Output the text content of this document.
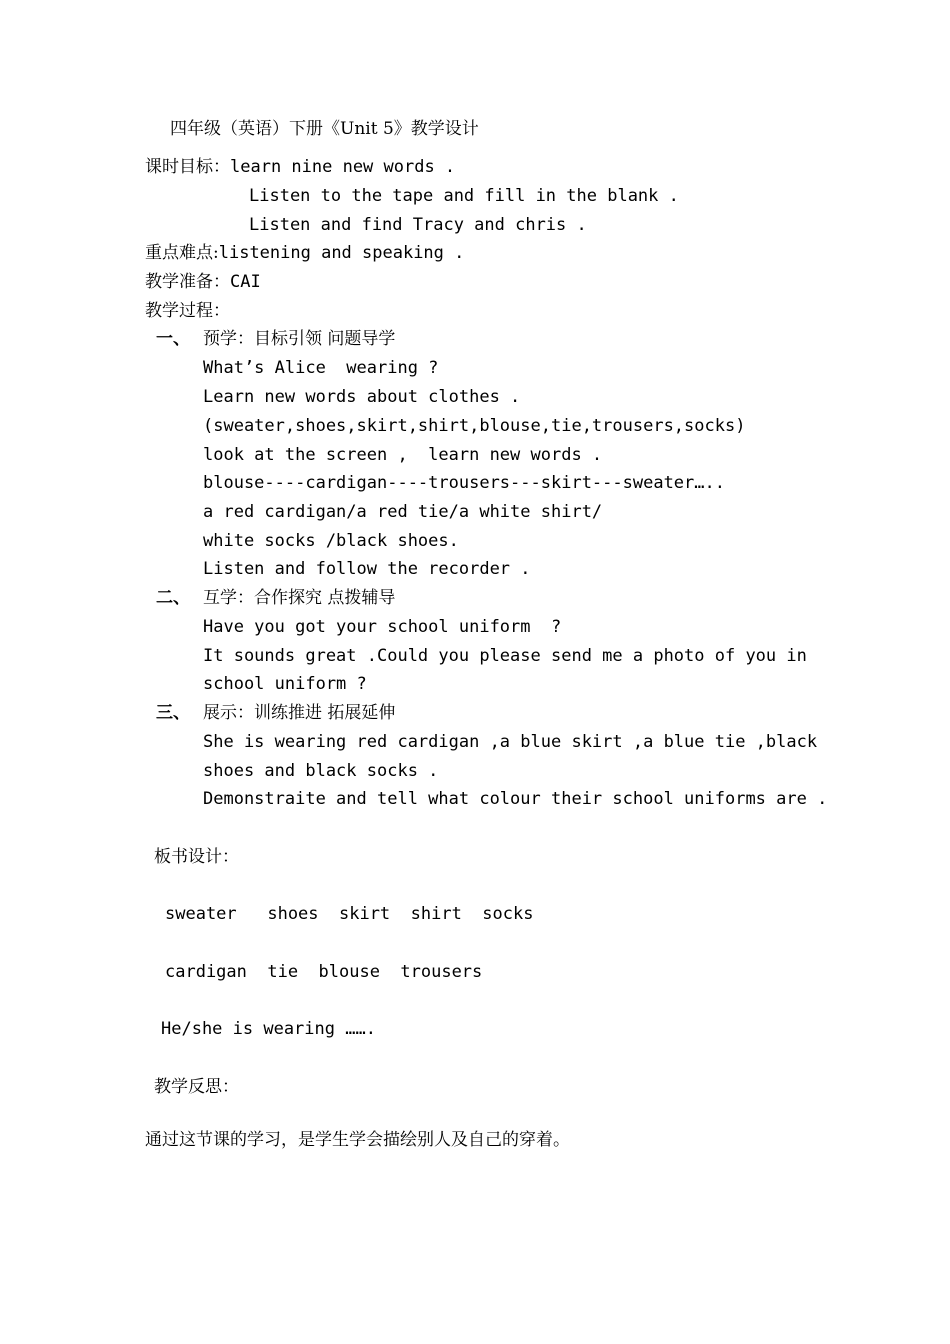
四年级（英语）下册《Unit 5》教学设计
课时目标：learn nine new words .
Listen to the tape and fill in the blank .
Listen and find Tracy and chris .
重点难点:listening and speaking .
教学准备：CAI
教学过程：
一、 预学：目标引领 问题导学
What’s Alice  wearing ?
Learn new words about clothes .
(sweater,shoes,skirt,shirt,blouse,tie,trousers,socks)
look at the screen ,  learn new words .
blouse----cardigan----trousers---skirt---sweater…..
a red cardigan/a red tie/a white shirt/
white socks /black shoes.
Listen and follow the recorder .
二、 互学：合作探究 点拨辅导
Have you got your school uniform  ?
It sounds great .Could you please send me a photo of you in
school uniform ?
三、 展示：训练推进 拓展延伸
She is wearing red cardigan ,a blue skirt ,a blue tie ,black
shoes and black socks .
Demonstraite and tell what colour their school uniforms are .
板书设计：
sweater   shoes  skirt  shirt  socks
cardigan  tie  blouse  trousers
He/she is wearing …….
教学反思：
通过这节课的学习，是学生学会描绘别人及自己的穿着。
